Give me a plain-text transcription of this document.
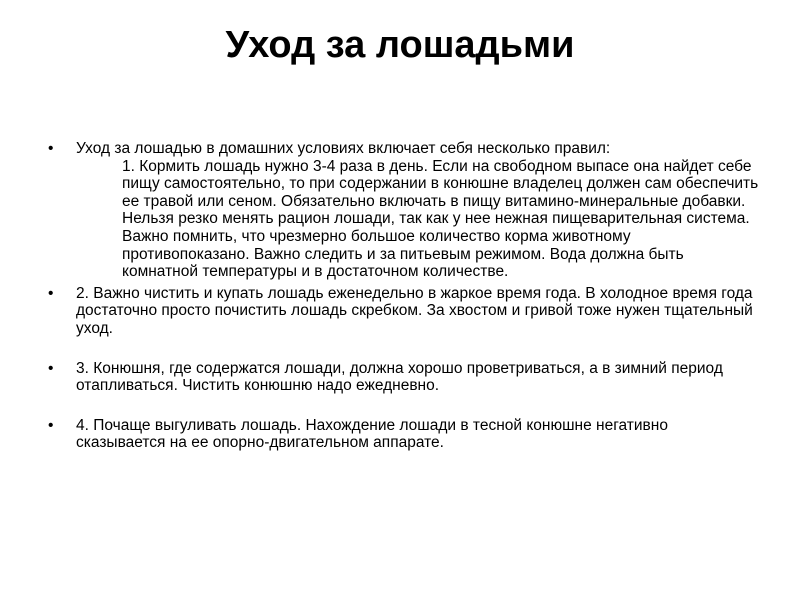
Уход за лошадьми
•	Уход за лошадью в домашних условиях включает себя несколько правил:
1. Кормить лошадь нужно 3-4 раза в день. Если на свободном выпасе она найдет себе пищу самостоятельно, то при содержании в конюшне владелец должен сам обеспечить ее травой или сеном. Обязательно включать в пищу витамино-минеральные добавки. Нельзя резко менять рацион лошади, так как у нее нежная пищеварительная система. Важно помнить, что чрезмерно большое количество корма животному противопоказано. Важно следить и за питьевым режимом. Вода должна быть комнатной температуры и в достаточном количестве.
•	2. Важно чистить и купать лошадь еженедельно в жаркое время года. В холодное время года достаточно просто почистить лошадь скребком. За хвостом и гривой тоже нужен тщательный уход.
•	3. Конюшня, где содержатся лошади, должна хорошо проветриваться, а в зимний период отапливаться. Чистить конюшню надо ежедневно.
•	4. Почаще выгуливать лошадь. Нахождение лошади в тесной конюшне негативно сказывается на ее опорно-двигательном аппарате.
